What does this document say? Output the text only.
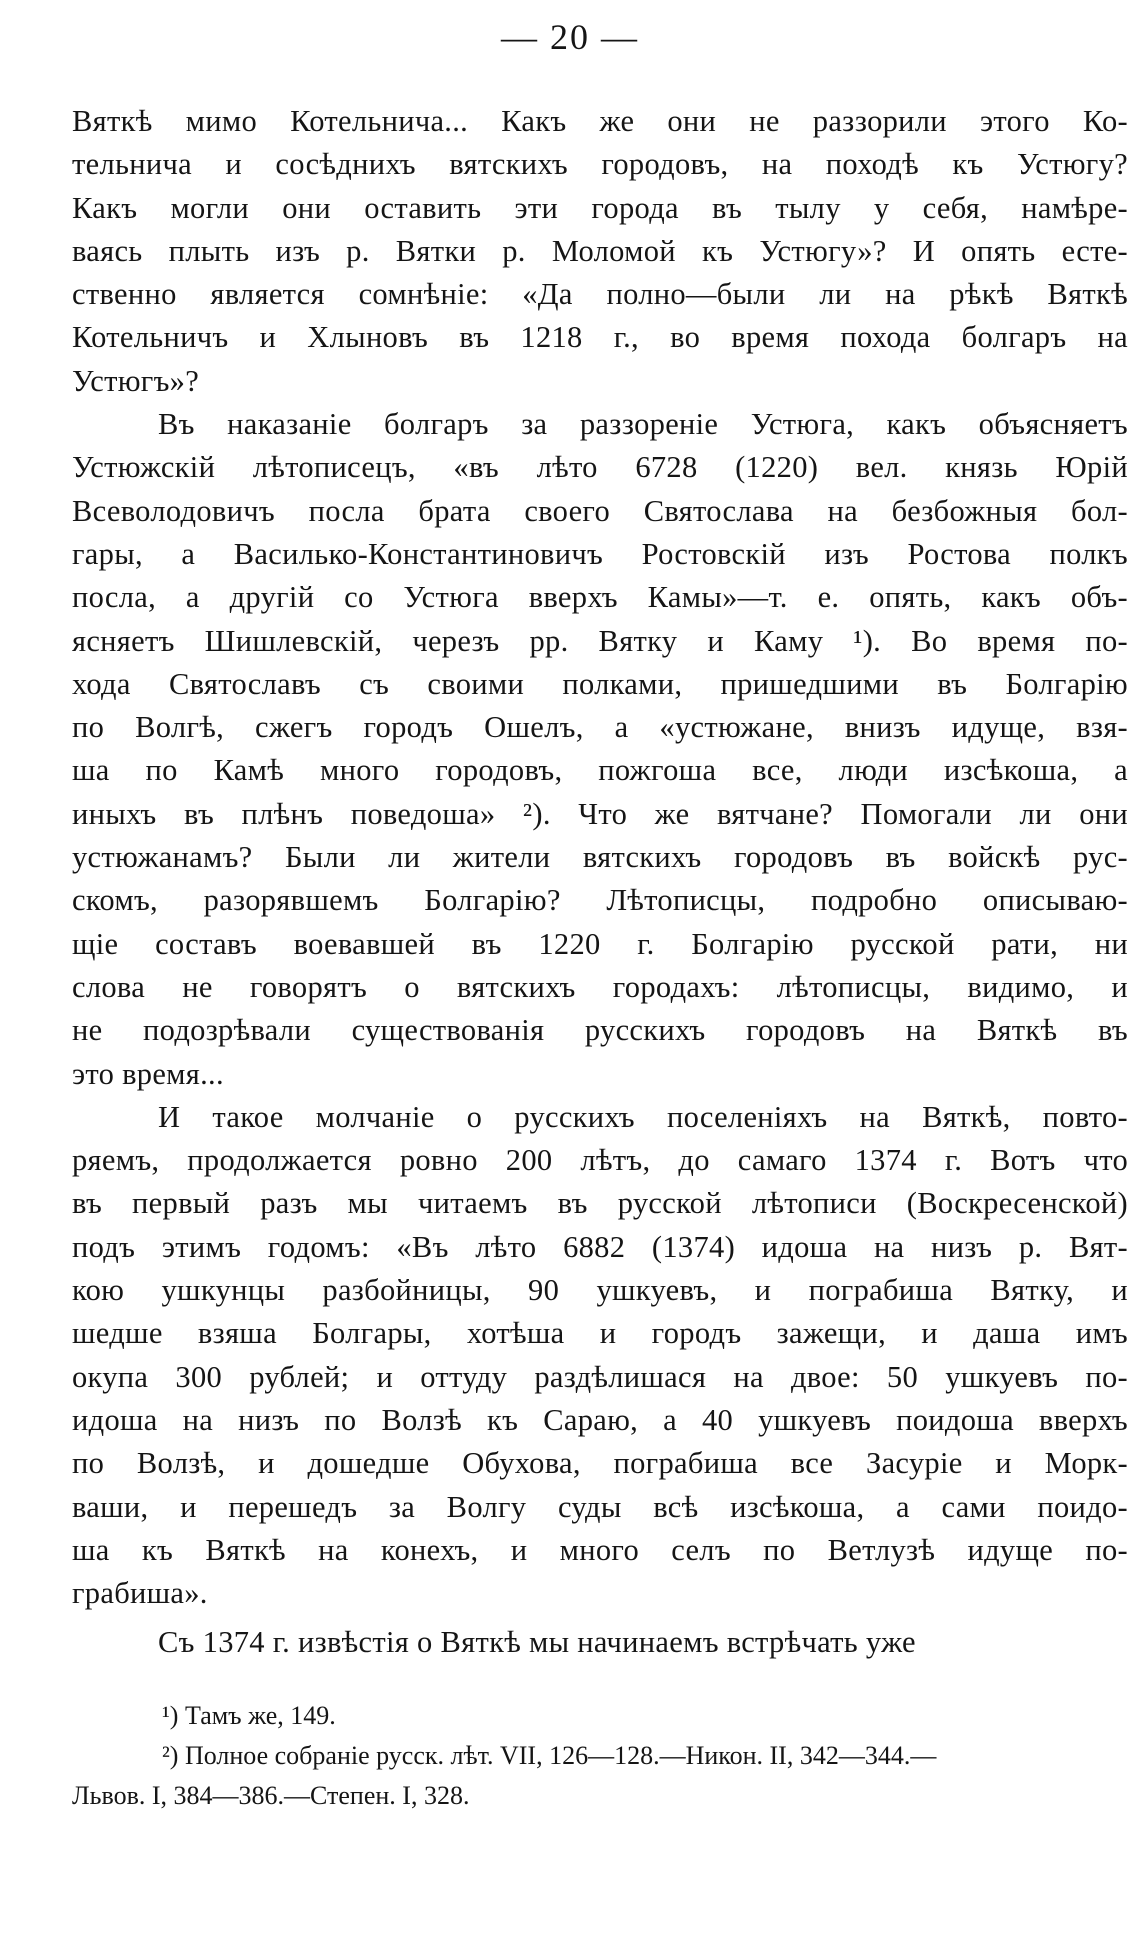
— 20 —
Вяткѣ мимо Котельнича... Какъ же они не раззорили этого Ко-
тельнича и сосѣднихъ вятскихъ городовъ, на походѣ къ Устюгу?
Какъ могли они оставить эти города въ тылу у себя, намѣре-
ваясь плыть изъ р. Вятки р. Моломой къ Устюгу»? И опять есте-
ственно является сомнѣніе: «Да полно—были ли на рѣкѣ Вяткѣ
Котельничъ и Хлыновъ въ 1218 г., во время похода болгаръ на
Устюгъ»?
Въ наказаніе болгаръ за раззореніе Устюга, какъ объясняетъ
Устюжскій лѣтописецъ, «въ лѣто 6728 (1220) вел. князь Юрій
Всеволодовичъ посла брата своего Святослава на безбожныя бол-
гары, а Василько-Константиновичъ Ростовскій изъ Ростова полкъ
посла, а другій со Устюга вверхъ Камы»—т. е. опять, какъ объ-
ясняетъ Шишлевскій, черезъ рр. Вятку и Каму ¹). Во время по-
хода Святославъ съ своими полками, пришедшими въ Болгарію
по Волгѣ, сжегъ городъ Ошелъ, а «устюжане, внизъ идуще, взя-
ша по Камѣ много городовъ, пожгоша все, люди изсѣкоша, а
иныхъ въ плѣнъ поведоша» ²). Что же вятчане? Помогали ли они
устюжанамъ? Были ли жители вятскихъ городовъ въ войскѣ рус-
скомъ, разорявшемъ Болгарію? Лѣтописцы, подробно описываю-
щіе составъ воевавшей въ 1220 г. Болгарію русской рати, ни
слова не говорятъ о вятскихъ городахъ: лѣтописцы, видимо, и
не подозрѣвали существованія русскихъ городовъ на Вяткѣ въ
это время...
И такое молчаніе о русскихъ поселеніяхъ на Вяткѣ, повто-
ряемъ, продолжается ровно 200 лѣтъ, до самаго 1374 г. Вотъ что
въ первый разъ мы читаемъ въ русской лѣтописи (Воскресенской)
подъ этимъ годомъ: «Въ лѣто 6882 (1374) идоша на низъ р. Вят-
кою ушкунцы разбойницы, 90 ушкуевъ, и пограбиша Вятку, и
шедше взяша Болгары, хотѣша и городъ зажещи, и даша имъ
окупа 300 рублей; и оттуду раздѣлишася на двое: 50 ушкуевъ по-
идоша на низъ по Волзѣ къ Сараю, а 40 ушкуевъ поидоша вверхъ
по Волзѣ, и дошедше Обухова, пограбиша все Засуріе и Морк-
ваши, и перешедъ за Волгу суды всѣ изсѣкоша, а сами поидо-
ша къ Вяткѣ на конехъ, и много селъ по Ветлузѣ идуще по-
грабиша».
Съ 1374 г. извѣстія о Вяткѣ мы начинаемъ встрѣчать уже
¹) Тамъ же, 149.
²) Полное собраніе русск. лѣт. VII, 126—128.—Никон. II, 342—344.—
Львов. I, 384—386.—Степен. I, 328.
